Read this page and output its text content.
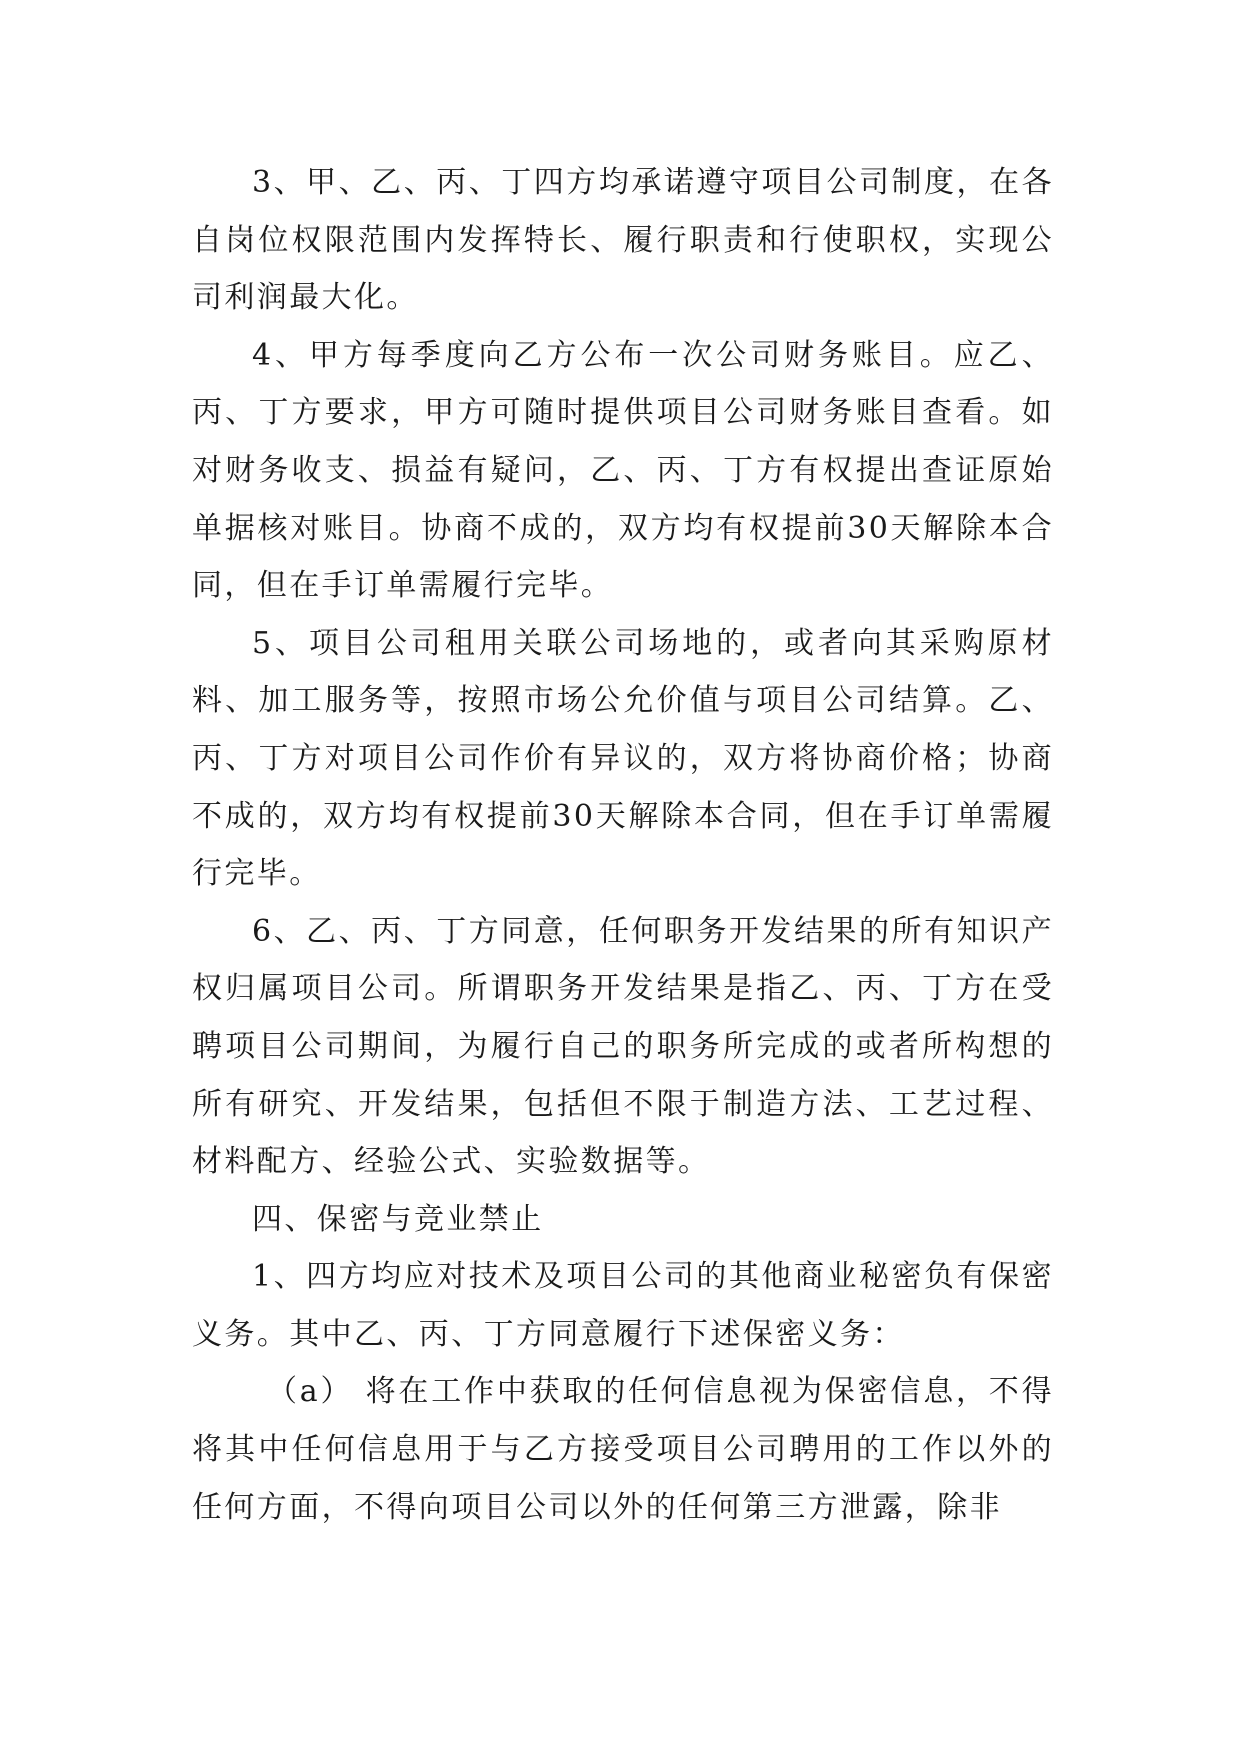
3、甲、乙、丙、丁四方均承诺遵守项目公司制度，在各自岗位权限范围内发挥特长、履行职责和行使职权，实现公司利润最大化。

4、甲方每季度向乙方公布一次公司财务账目。应乙、丙、丁方要求，甲方可随时提供项目公司财务账目查看。如对财务收支、损益有疑问，乙、丙、丁方有权提出查证原始单据核对账目。协商不成的，双方均有权提前30天解除本合同，但在手订单需履行完毕。

5、项目公司租用关联公司场地的，或者向其采购原材料、加工服务等，按照市场公允价值与项目公司结算。乙、丙、丁方对项目公司作价有异议的，双方将协商价格；协商不成的，双方均有权提前30天解除本合同，但在手订单需履行完毕。

6、乙、丙、丁方同意，任何职务开发结果的所有知识产权归属项目公司。所谓职务开发结果是指乙、丙、丁方在受聘项目公司期间，为履行自己的职务所完成的或者所构想的所有研究、开发结果，包括但不限于制造方法、工艺过程、材料配方、经验公式、实验数据等。

四、保密与竞业禁止

1、四方均应对技术及项目公司的其他商业秘密负有保密义务。其中乙、丙、丁方同意履行下述保密义务：

（a） 将在工作中获取的任何信息视为保密信息，不得将其中任何信息用于与乙方接受项目公司聘用的工作以外的任何方面，不得向项目公司以外的任何第三方泄露，除非
